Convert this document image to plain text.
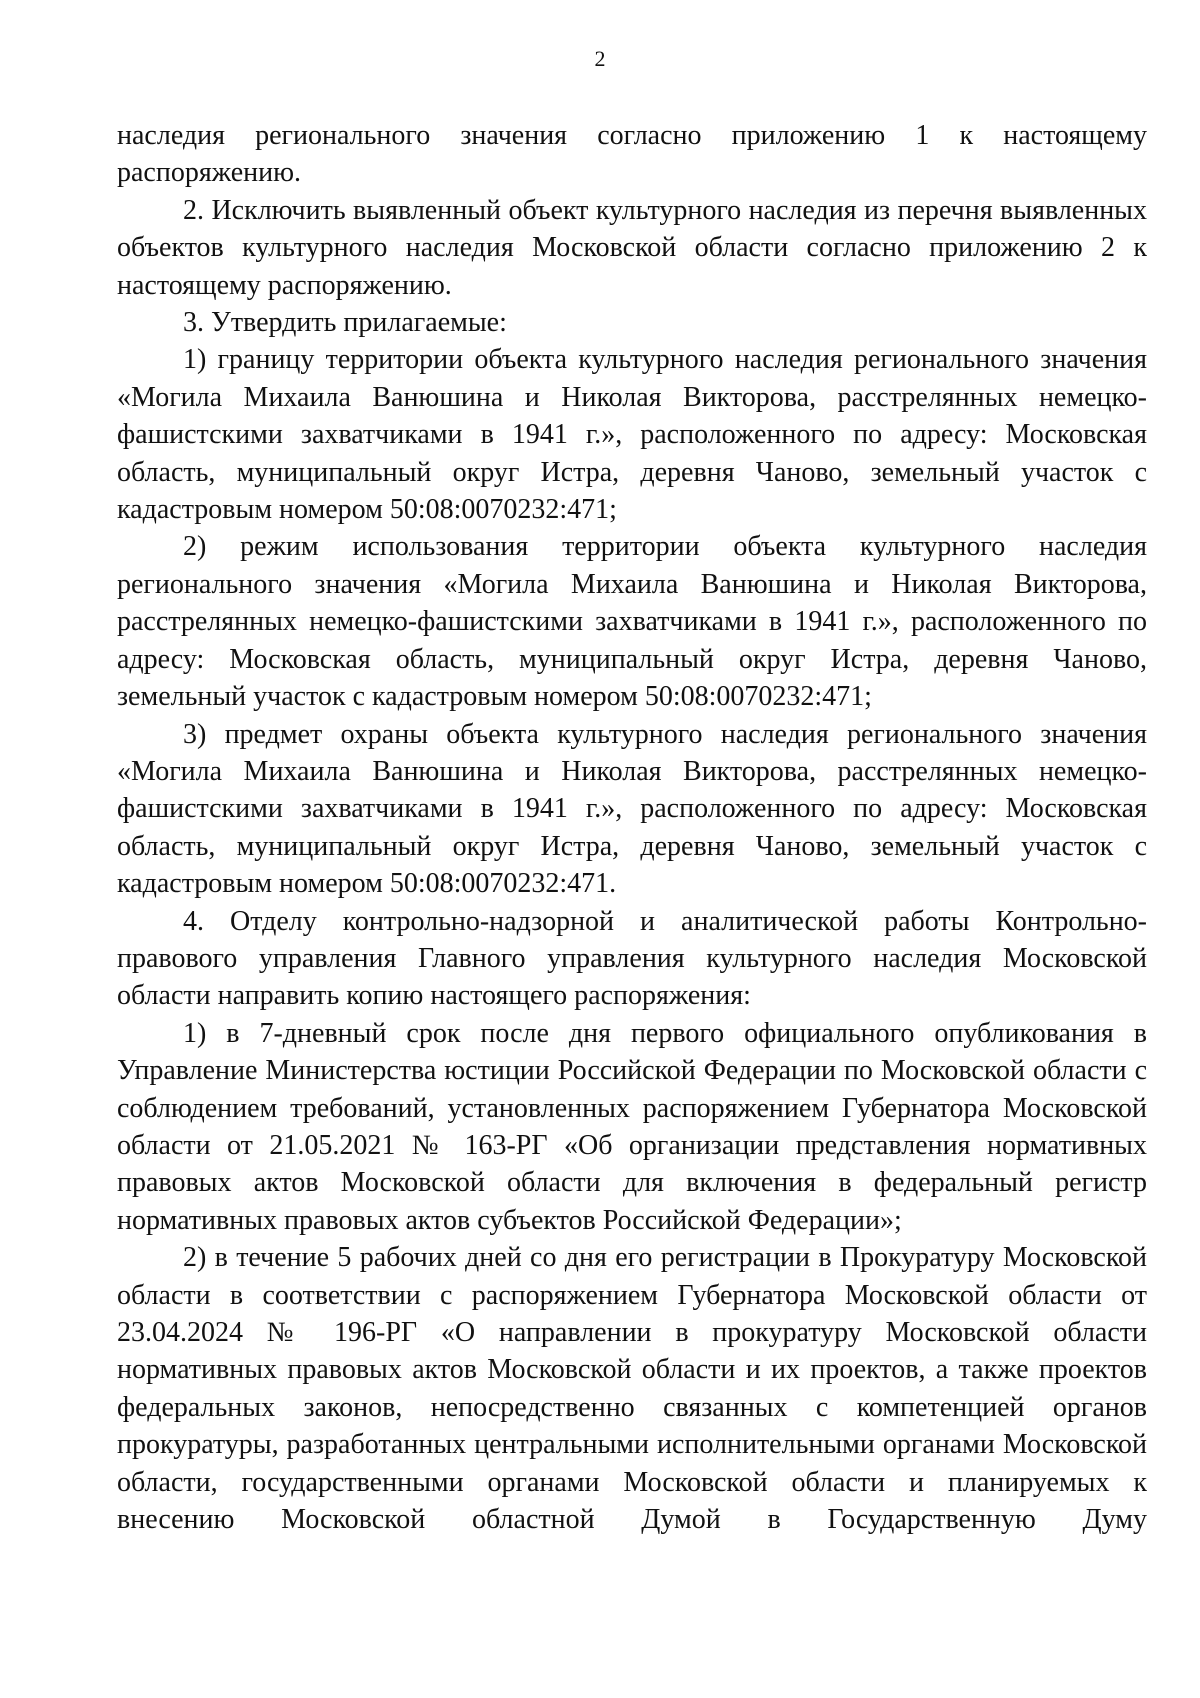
2

наследия регионального значения согласно приложению 1 к настоящему распоряжению.

2. Исключить выявленный объект культурного наследия из перечня выявленных объектов культурного наследия Московской области согласно приложению 2 к настоящему распоряжению.

3. Утвердить прилагаемые:

1) границу территории объекта культурного наследия регионального значения «Могила Михаила Ванюшина и Николая Викторова, расстрелянных немецко-фашистскими захватчиками в 1941 г.», расположенного по адресу: Московская область, муниципальный округ Истра, деревня Чаново, земельный участок с кадастровым номером 50:08:0070232:471;

2) режим использования территории объекта культурного наследия регионального значения «Могила Михаила Ванюшина и Николая Викторова, расстрелянных немецко-фашистскими захватчиками в 1941 г.», расположенного по адресу: Московская область, муниципальный округ Истра, деревня Чаново, земельный участок с кадастровым номером 50:08:0070232:471;

3) предмет охраны объекта культурного наследия регионального значения «Могила Михаила Ванюшина и Николая Викторова, расстрелянных немецко-фашистскими захватчиками в 1941 г.», расположенного по адресу: Московская область, муниципальный округ Истра, деревня Чаново, земельный участок с кадастровым номером 50:08:0070232:471.

4. Отделу контрольно-надзорной и аналитической работы Контрольно-правового управления Главного управления культурного наследия Московской области направить копию настоящего распоряжения:

1) в 7-дневный срок после дня первого официального опубликования в Управление Министерства юстиции Российской Федерации по Московской области с соблюдением требований, установленных распоряжением Губернатора Московской области от 21.05.2021 № 163-РГ «Об организации представления нормативных правовых актов Московской области для включения в федеральный регистр нормативных правовых актов субъектов Российской Федерации»;

2) в течение 5 рабочих дней со дня его регистрации в Прокуратуру Московской области в соответствии с распоряжением Губернатора Московской области от 23.04.2024 № 196-РГ «О направлении в прокуратуру Московской области нормативных правовых актов Московской области и их проектов, а также проектов федеральных законов, непосредственно связанных с компетенцией органов прокуратуры, разработанных центральными исполнительными органами Московской области, государственными органами Московской области и планируемых к внесению Московской областной Думой в Государственную Думу
